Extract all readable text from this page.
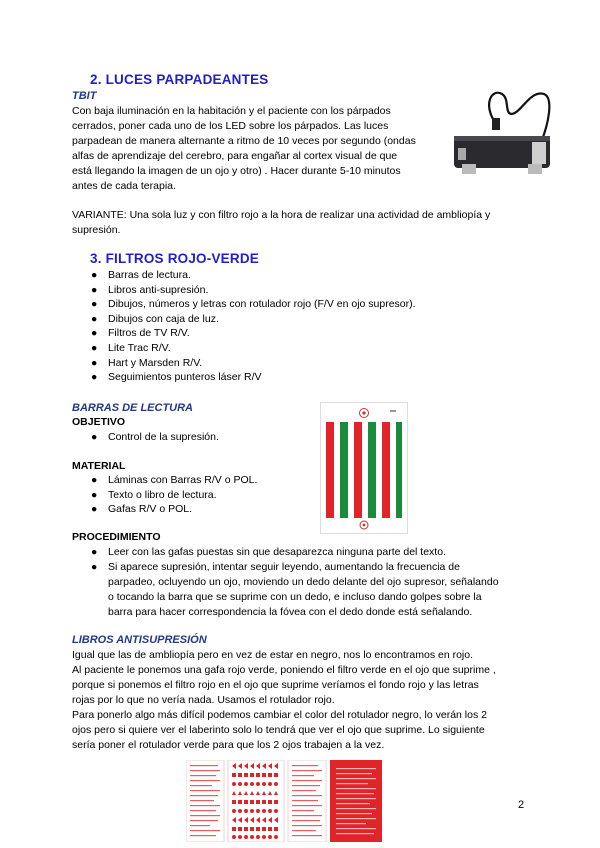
2. LUCES PARPADEANTES
TBIT
Con baja iluminación en la habitación y el paciente con los párpados
cerrados, poner cada uno de los LED sobre los párpados. Las luces
parpadean de manera alternante a ritmo de 10 veces por segundo (ondas
alfas de aprendizaje del cerebro, para engañar al cortex visual de que
está llegando la imagen de un ojo y otro) . Hacer durante 5-10 minutos
antes de cada terapia.
VARIANTE: Una sola luz y con filtro rojo a la hora de realizar una actividad de ambliopía y
supresión.
3. FILTROS ROJO-VERDE
● Barras de lectura.
● Libros anti-supresión.
● Dibujos, números y letras con rotulador rojo (F/V en ojo supresor).
● Dibujos con caja de luz.
● Filtros de TV R/V.
● Lite Trac R/V.
● Hart y Marsden R/V.
● Seguimientos punteros láser R/V
BARRAS DE LECTURA
OBJETIVO
● Control de la supresión.
MATERIAL
● Láminas con Barras R/V o POL.
● Texto o libro de lectura.
● Gafas R/V o POL.
PROCEDIMIENTO
● Leer con las gafas puestas sin que desaparezca ninguna parte del texto.
● Si aparece supresión, intentar seguir leyendo, aumentando la frecuencia de
parpadeo, ocluyendo un ojo, moviendo un dedo delante del ojo supresor, señalando
o tocando la barra que se suprime con un dedo, e incluso dando golpes sobre la
barra para hacer correspondencia la fóvea con el dedo donde está señalando.
LIBROS ANTISUPRESIÓN
Igual que las de ambliopía pero en vez de estar en negro, nos lo encontramos en rojo.
Al paciente le ponemos una gafa rojo verde, poniendo el filtro verde en el ojo que suprime ,
porque si ponemos el filtro rojo en el ojo que suprime veríamos el fondo rojo y las letras
rojas por lo que no vería nada. Usamos el rotulador rojo.
Para ponerlo algo más difícil podemos cambiar el color del rotulador negro, lo verán los 2
ojos pero si quiere ver el laberinto solo lo tendrá que ver el ojo que suprime. Lo siguiente
sería poner el rotulador verde para que los 2 ojos trabajen a la vez.
2
